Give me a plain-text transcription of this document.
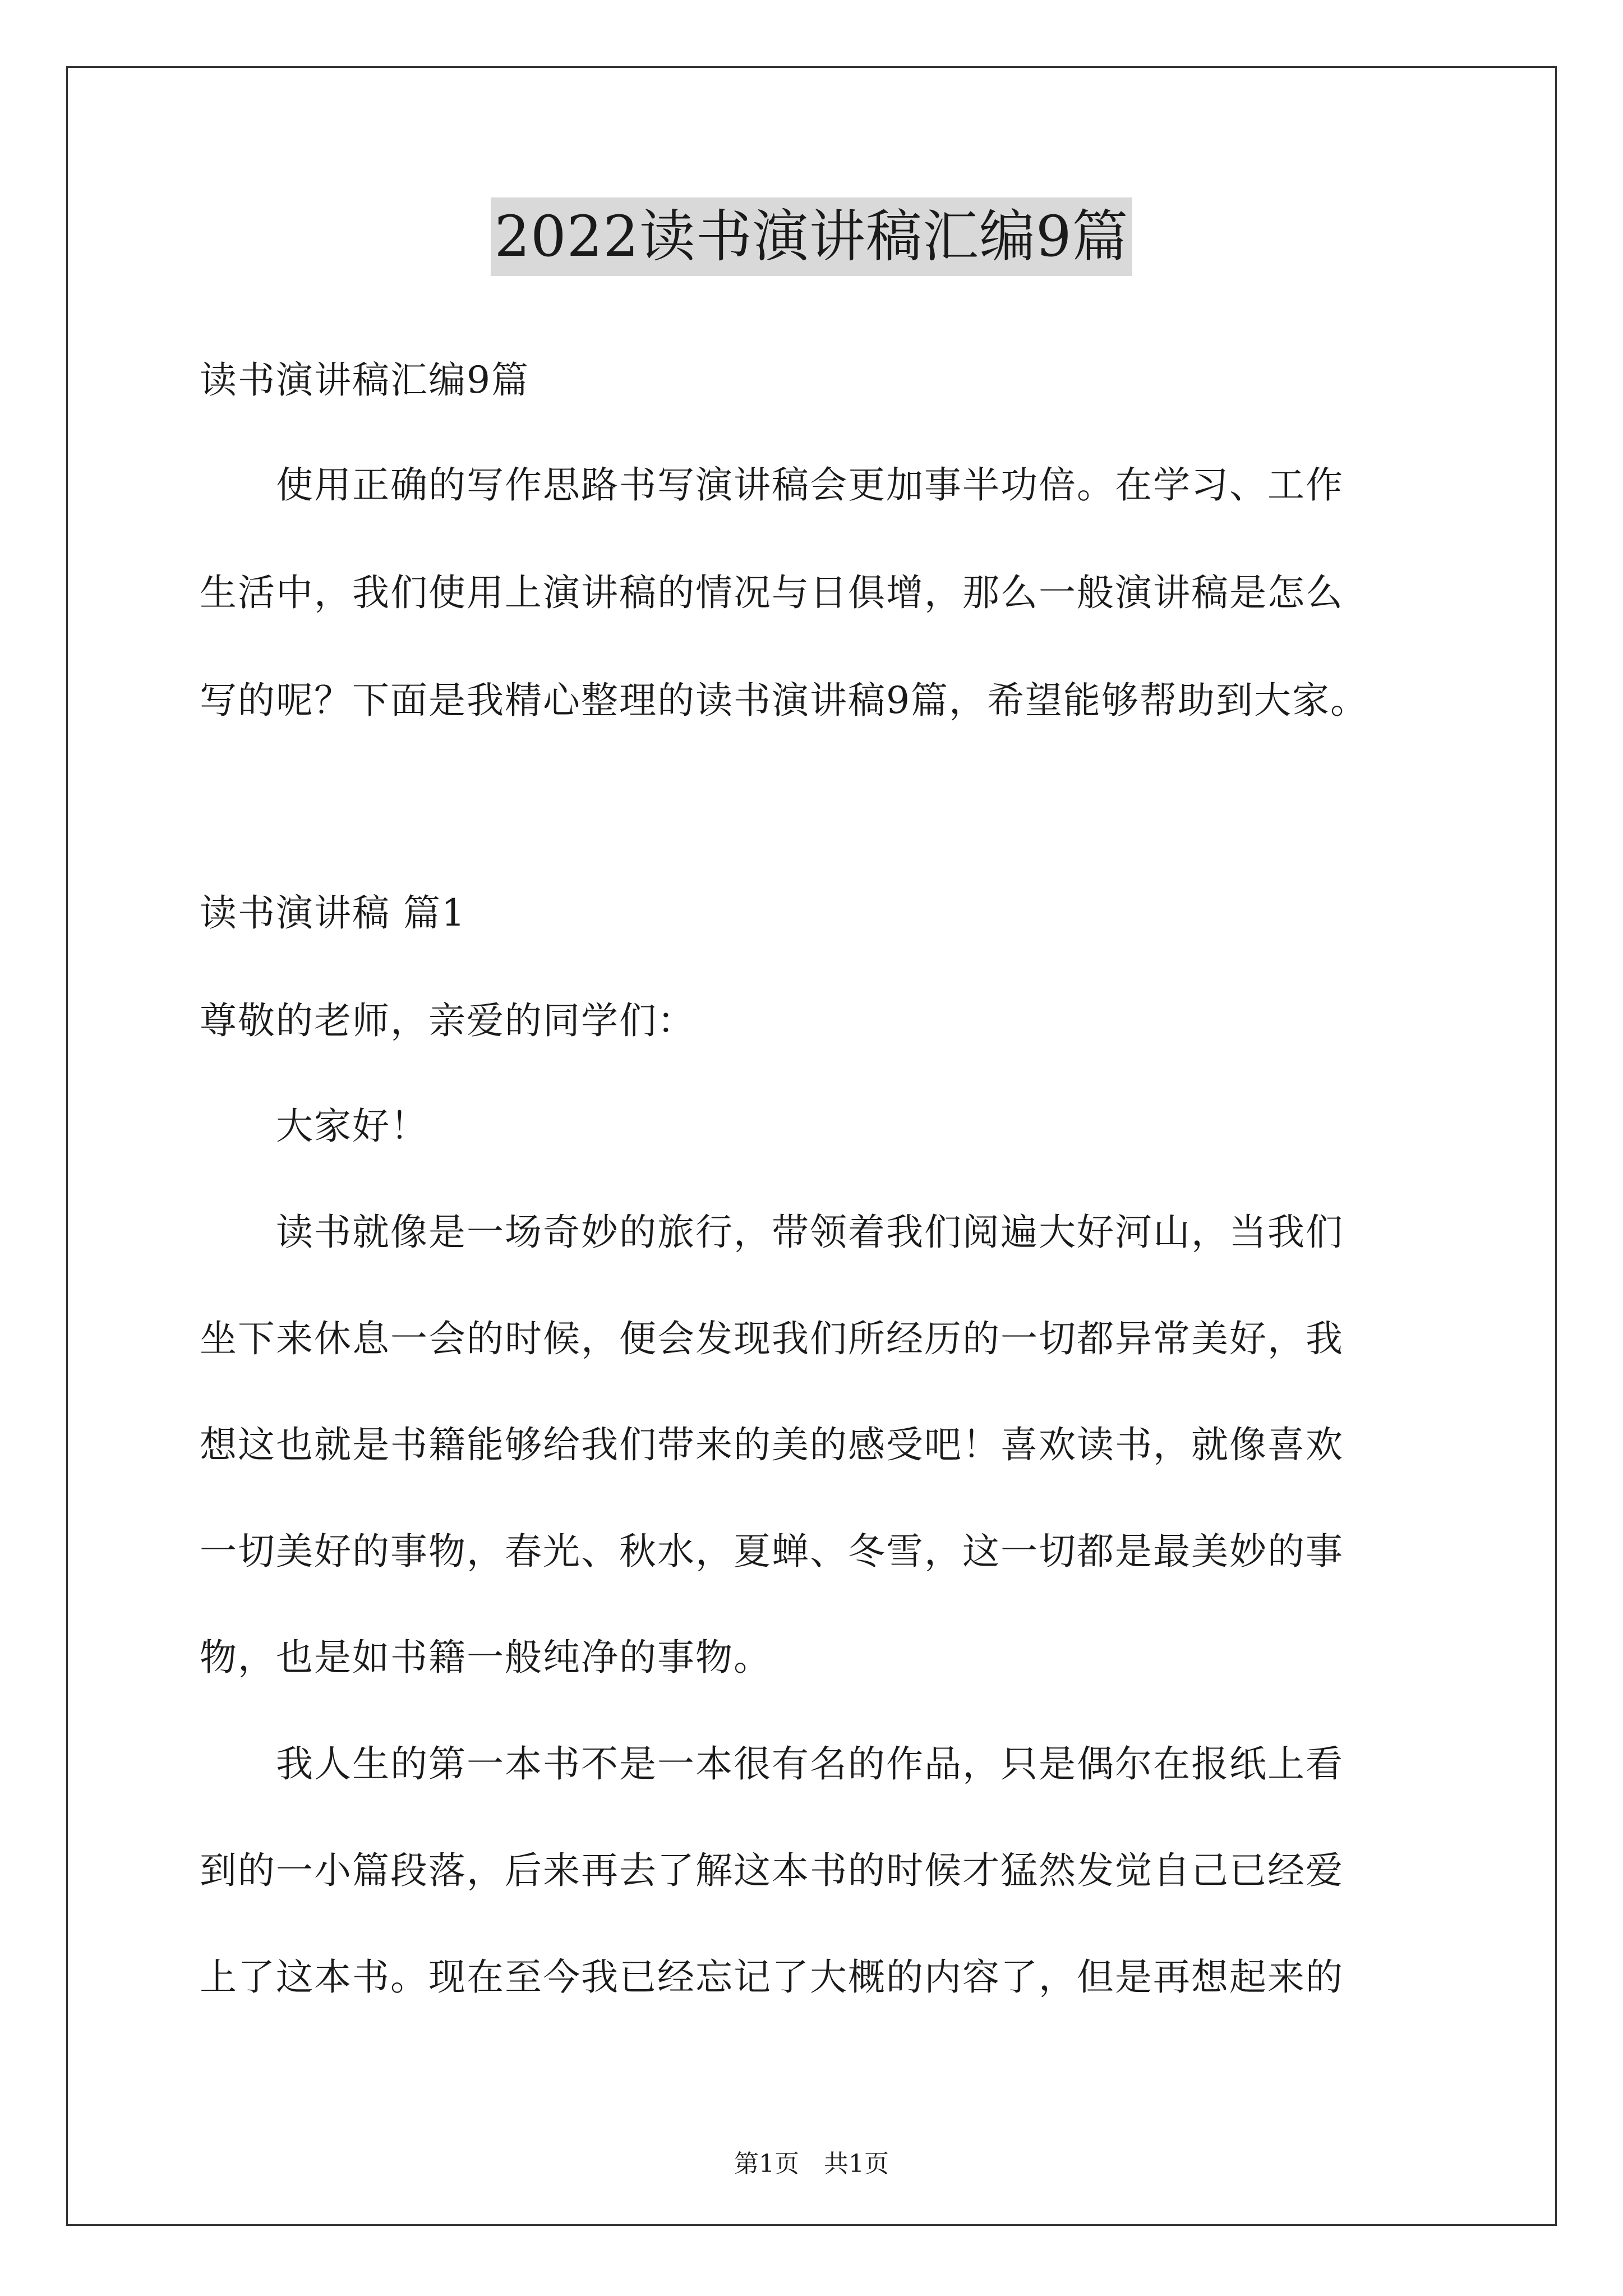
2022读书演讲稿汇编9篇
读书演讲稿汇编9篇
　　使用正确的写作思路书写演讲稿会更加事半功倍。在学习、工作
生活中，我们使用上演讲稿的情况与日俱增，那么一般演讲稿是怎么
写的呢？下面是我精心整理的读书演讲稿9篇，希望能够帮助到大家。
读书演讲稿 篇1
尊敬的老师，亲爱的同学们：
　　大家好！
　　读书就像是一场奇妙的旅行，带领着我们阅遍大好河山，当我们
坐下来休息一会的时候，便会发现我们所经历的一切都异常美好，我
想这也就是书籍能够给我们带来的美的感受吧！喜欢读书，就像喜欢
一切美好的事物，春光、秋水，夏蝉、冬雪，这一切都是最美妙的事
物，也是如书籍一般纯净的事物。
　　我人生的第一本书不是一本很有名的作品，只是偶尔在报纸上看
到的一小篇段落，后来再去了解这本书的时候才猛然发觉自己已经爱
上了这本书。现在至今我已经忘记了大概的内容了，但是再想起来的
第1页　共1页
